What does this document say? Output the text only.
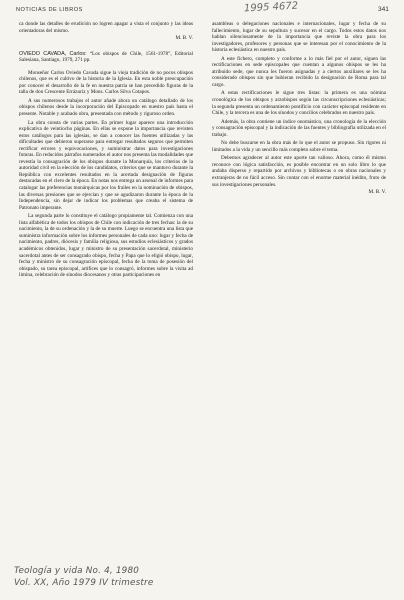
NOTICIAS DE LIBROS	1995 4672	341

ca donde las detalles de erudición no logren apagar a vista el conjunto y las ideas orientadoras del mismo.

M. B. V.

OVIEDO CAVADA, Carlos: “Los obispos de Chile, 1561-1978”, Editorial Salesiana, Santiago, 1979, 271 pp.

Monseñor Carlos Oviedo Cavada sigue la vieja tradición de no pocos obispos chilenos, que es el cultivo de la historia de la Iglesia. En esta noble preocupación por conocer el desarrollo de la fe en nuestra patria se han precedido figuras de la talla de don Crescente Errázuriz y Mons. Carlos Silva Cotapos.

A sus numerosos trabajos el autor añade ahora un catálogo detallado de los obispos chilenos desde la incorporación del Episcopado en nuestro país hasta el presente. Notable y acabado obra, presentada con método y riguroso orden.

La obra consta de varias partes. En primer lugar aparece una introducción explicativa de veintiocho páginas. En ellas se expone la importancia que revisten estos catálogos para las iglesias, se dan a conocer las fuentes utilizadas y las dificultades que debieron superarse para entregar resultados seguros que permiten rectificar errores y equivocaciones, y suministrar datos para investigaciones futuras. En reducidos párrafos numerados el autor nos presenta las modalidades que revestía la consagración de los obispos durante la Monarquía, los criterios de la autoridad civil en la elección de los candidatos, criterios que se mantuvo durante la República con excelentes resultados en la acertada designación de figuras destacadas en el clero de la época. En notas nos entrega un arsenal de informes para catalogar las preferencias monárquicas por los frailes en la nominación de obispos, las diversas presiones que se ejercían y que se agudizaron durante la época de la Independencia, sin dejar de indicar los problemas que creaba el sistema de Patronato imperante.

La segunda parte lo constituye el catálogo propiamente tal. Comienza con una lista alfabética de todos los obispos de Chile con indicación de tres fechas: la de su nacimiento, la de su ordenación y la de su muerte. Luego se encuentra una lista que suministra información sobre los informes personales de cada uno: lugar y fecha de nacimiento, padres, diócesis y familia religiosa, sus estudios eclesiásticos y grados académicos obtenidos, lugar y ministro de su presentación sacerdotal, ministerio sacerdotal antes de ser consagrado obispo, fecha y Papa que lo eligió obispo, lugar, fecha y ministro de su consagración episcopal, fecha de la toma de posesión del obispado, su tarea episcopal, artífices que lo consagró, informes sobre la visita ad limina, celebración de sínodos diocesanos y otras participaciones en

asambleas o delegaciones nacionales e internacionales, lugar y fecha de su fallecimiento, lugar de su sepultura y sucesor en el cargo. Todos estos datos nos hablan silenciosamente de la importancia que reviste la obra para los investigadores, profesores y personas que se interesan por el conocimiento de la historia eclesiástica en nuestro país.

A este fichero, completo y conforme a lo más fiel por el autor, siguen las rectificaciones en sede episcopales que cuentan a algunos obispos se les ha atribuido sede, que nunca les fueron asignadas y a ciertos auxiliares se les ha considerado obispos sin que hubieran recibido la designación de Roma para tal cargo.

A estas rectificaciones le sigue tres listas: la primera es una nómina cronológica de los obispos y arzobispos según las circunscripciones eclesiásticas; la segunda presenta un ordenamiento pontificio con carácter episcopal residente en Chile, y la tercera es una de los sínodos y concilios celebrados en nuestro país.

Además, la obra contiene un índice onomástico, una cronología de la elección y consagración episcopal y la indicación de las fuentes y bibliografía utilizada en el trabajo.

No debe buscarse en la obra más de lo que el autor se propuso. Sin rigores ni limitados a la vida y un sencillo más completo sobre el tema.

Debemos agradecer al autor este aporte tan valioso. Ahora, como él mismo reconoce con lógica satisfacción, es posible encontrar en un solo libro lo que andaba disperso y repartido por archivos y bibliotecas o en obras nacionales y extranjeras de no fácil acceso. Sin contar con el enorme material inédito, fruto de sus investigaciones personales.

M. B. V.

Teología y vida No. 4, 1980
Vol. XX, Año 1979 IV trimestre
